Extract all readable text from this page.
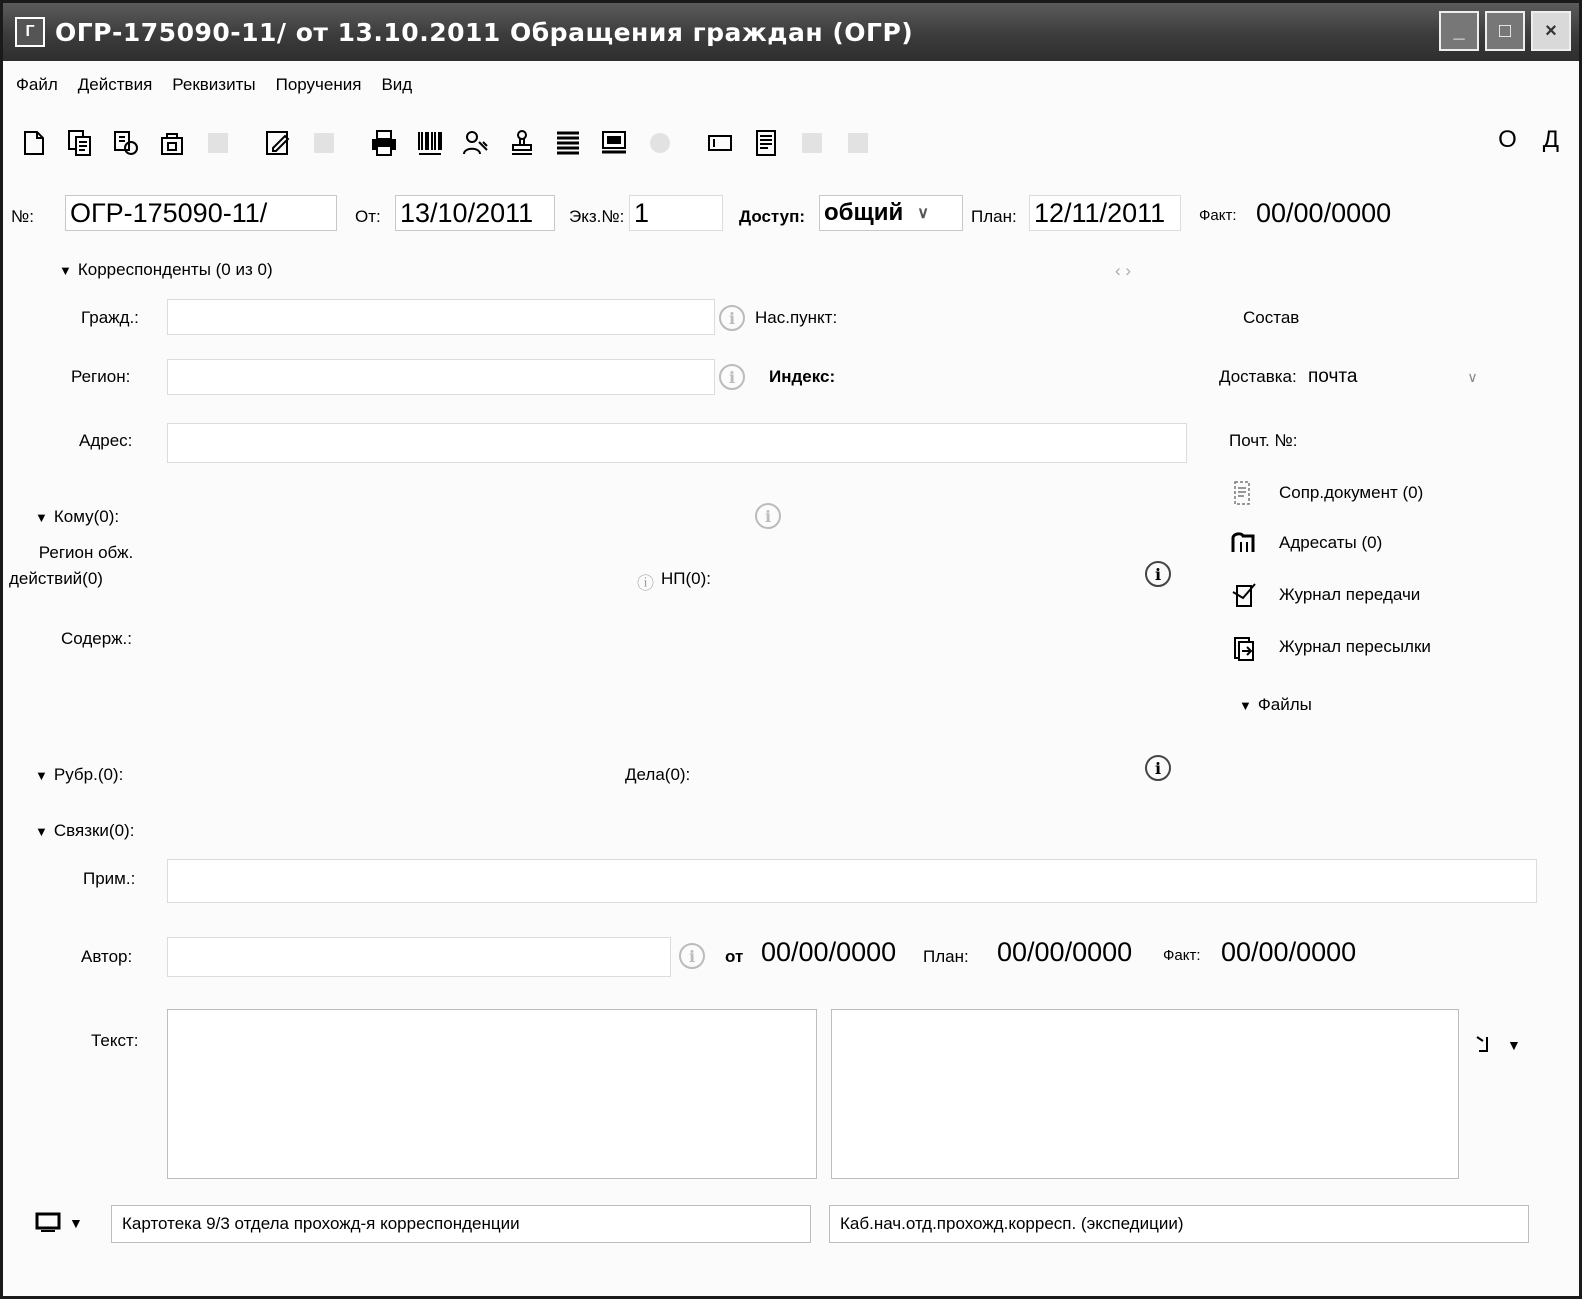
Г ОГР-175090-11/ от 13.10.2011 Обращения граждан (ОГР)	_	□	×
Файл Действия Реквизиты Поручения Вид
О Д
№: ОГР-175090-11/	От: 13/10/2011	Экз.№: 1	Доступ: общий ∨ План: 12/11/2011	Факт: 00/00/0000
▼ Корреспонденты (0 из 0)	‹ ›
Гражд.:	i	Нас.пункт:	Состав
Регион:	i	Индекс:	Доставка: почта	∨
Адрес:	Почт. №:
▼ Кому(0):	i
Регион обж.
действий(0)	ⓘ НП(0):	i
Содерж.:
Сопр.документ (0)
Адресаты (0)
Журнал передачи
Журнал пересылки
▼ Файлы
▼ Рубр.(0):	Дела(0):	i
▼ Связки(0):
Прим.:
Автор:	i	от 00/00/0000 План: 00/00/0000 Факт: 00/00/0000
Текст:	▼
▼	Картотека 9/3 отдела прохожд-я корреспонденции	Каб.нач.отд.прохожд.корресп. (экспедиции)
